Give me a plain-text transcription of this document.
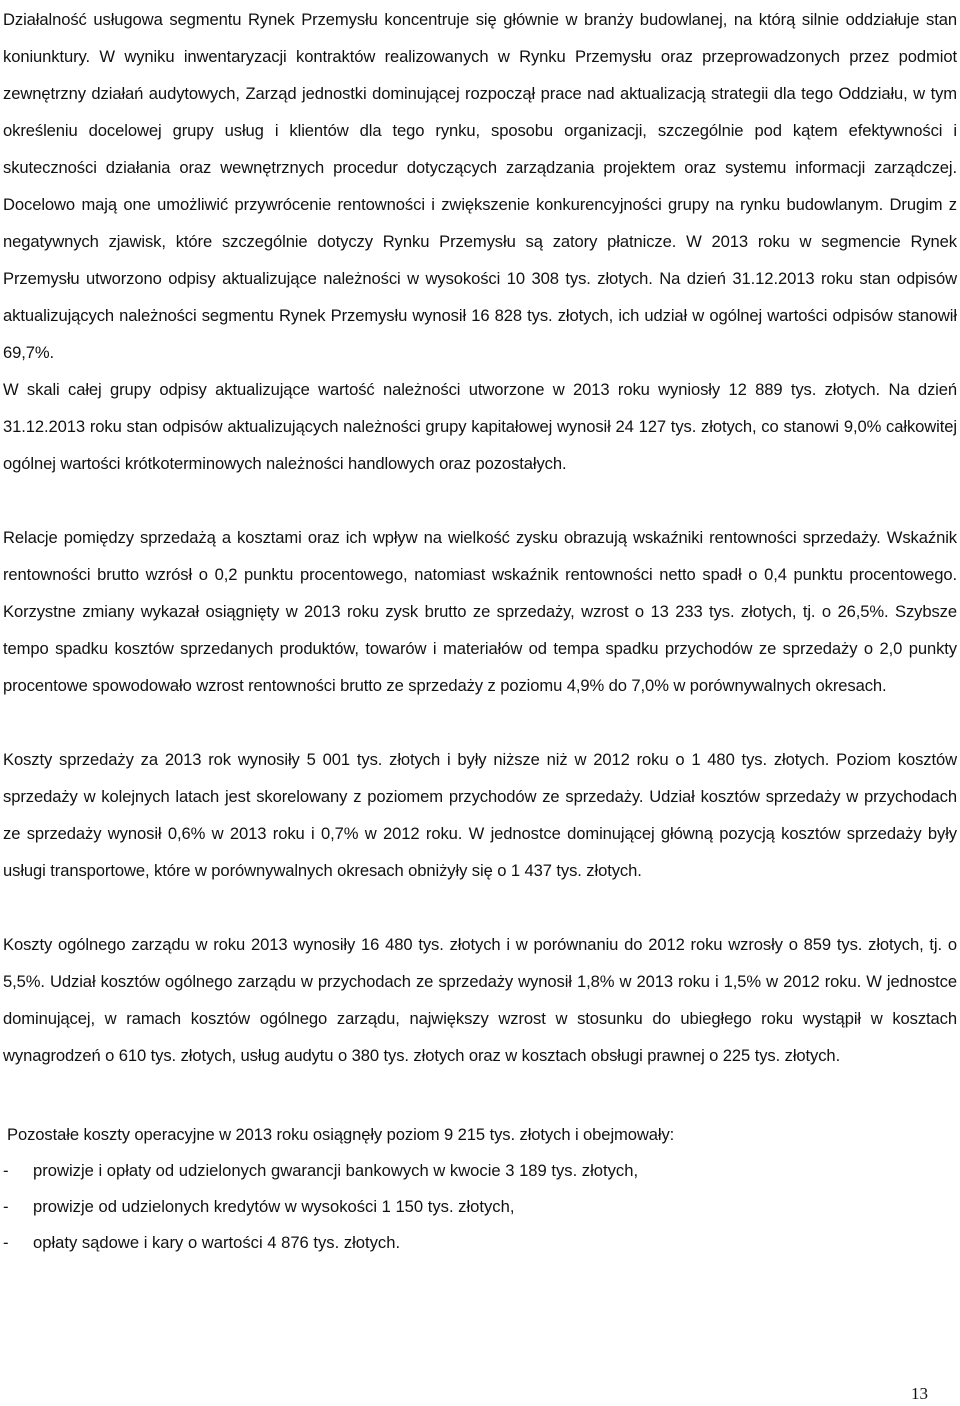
Działalność usługowa segmentu Rynek Przemysłu koncentruje się głównie w branży budowlanej, na którą silnie oddziałuje stan koniunktury. W wyniku inwentaryzacji kontraktów realizowanych w Rynku Przemysłu oraz przeprowadzonych przez podmiot zewnętrzny działań audytowych, Zarząd jednostki dominującej rozpoczął prace nad aktualizacją strategii dla tego Oddziału, w tym określeniu docelowej grupy usług i klientów dla tego rynku, sposobu organizacji, szczególnie pod kątem efektywności i skuteczności działania oraz wewnętrznych procedur dotyczących zarządzania projektem oraz systemu informacji zarządczej. Docelowo mają one umożliwić przywrócenie rentowności i zwiększenie konkurencyjności grupy na rynku budowlanym. Drugim z negatywnych zjawisk, które szczególnie dotyczy Rynku Przemysłu są zatory płatnicze. W 2013 roku w segmencie Rynek Przemysłu utworzono odpisy aktualizujące należności w wysokości 10 308 tys. złotych. Na dzień 31.12.2013 roku stan odpisów aktualizujących należności segmentu Rynek Przemysłu wynosił 16 828 tys. złotych, ich udział w ogólnej wartości odpisów stanowił 69,7%.

W skali całej grupy odpisy aktualizujące wartość należności utworzone w 2013 roku wyniosły 12 889 tys. złotych. Na dzień 31.12.2013 roku stan odpisów aktualizujących należności grupy kapitałowej wynosił 24 127 tys. złotych, co stanowi 9,0% całkowitej ogólnej wartości krótkoterminowych należności handlowych oraz pozostałych.

Relacje pomiędzy sprzedażą a kosztami oraz ich wpływ na wielkość zysku obrazują wskaźniki rentowności sprzedaży. Wskaźnik rentowności brutto wzrósł o 0,2 punktu procentowego, natomiast wskaźnik rentowności netto spadł o 0,4 punktu procentowego. Korzystne zmiany wykazał osiągnięty w 2013 roku zysk brutto ze sprzedaży, wzrost o 13 233 tys. złotych, tj. o 26,5%. Szybsze tempo spadku kosztów sprzedanych produktów, towarów i materiałów od tempa spadku przychodów ze sprzedaży o 2,0 punkty procentowe spowodowało wzrost rentowności brutto ze sprzedaży z poziomu 4,9% do 7,0% w porównywalnych okresach.

Koszty sprzedaży za 2013 rok wynosiły 5 001 tys. złotych i były niższe niż w 2012 roku o 1 480 tys. złotych. Poziom kosztów sprzedaży w kolejnych latach jest skorelowany z poziomem przychodów ze sprzedaży. Udział kosztów sprzedaży w przychodach ze sprzedaży wynosił 0,6% w 2013 roku i 0,7% w 2012 roku. W jednostce dominującej główną pozycją kosztów sprzedaży były usługi transportowe, które w porównywalnych okresach obniżyły się o 1 437 tys. złotych.

Koszty ogólnego zarządu w roku 2013 wynosiły 16 480 tys. złotych i w porównaniu do 2012 roku wzrosły o 859 tys. złotych, tj. o 5,5%. Udział kosztów ogólnego zarządu w przychodach ze sprzedaży wynosił 1,8% w 2013 roku i 1,5% w 2012 roku. W jednostce dominującej, w ramach kosztów ogólnego zarządu, największy wzrost w stosunku do ubiegłego roku wystąpił w kosztach wynagrodzeń o 610 tys. złotych, usług audytu o 380 tys. złotych oraz w kosztach obsługi prawnej o 225 tys. złotych.

Pozostałe koszty operacyjne w 2013 roku osiągnęły poziom 9 215 tys. złotych i obejmowały:

- prowizje i opłaty od udzielonych gwarancji bankowych w kwocie 3 189 tys. złotych,
- prowizje od udzielonych kredytów w wysokości 1 150 tys. złotych,
- opłaty sądowe i kary o wartości 4 876 tys. złotych.
13
